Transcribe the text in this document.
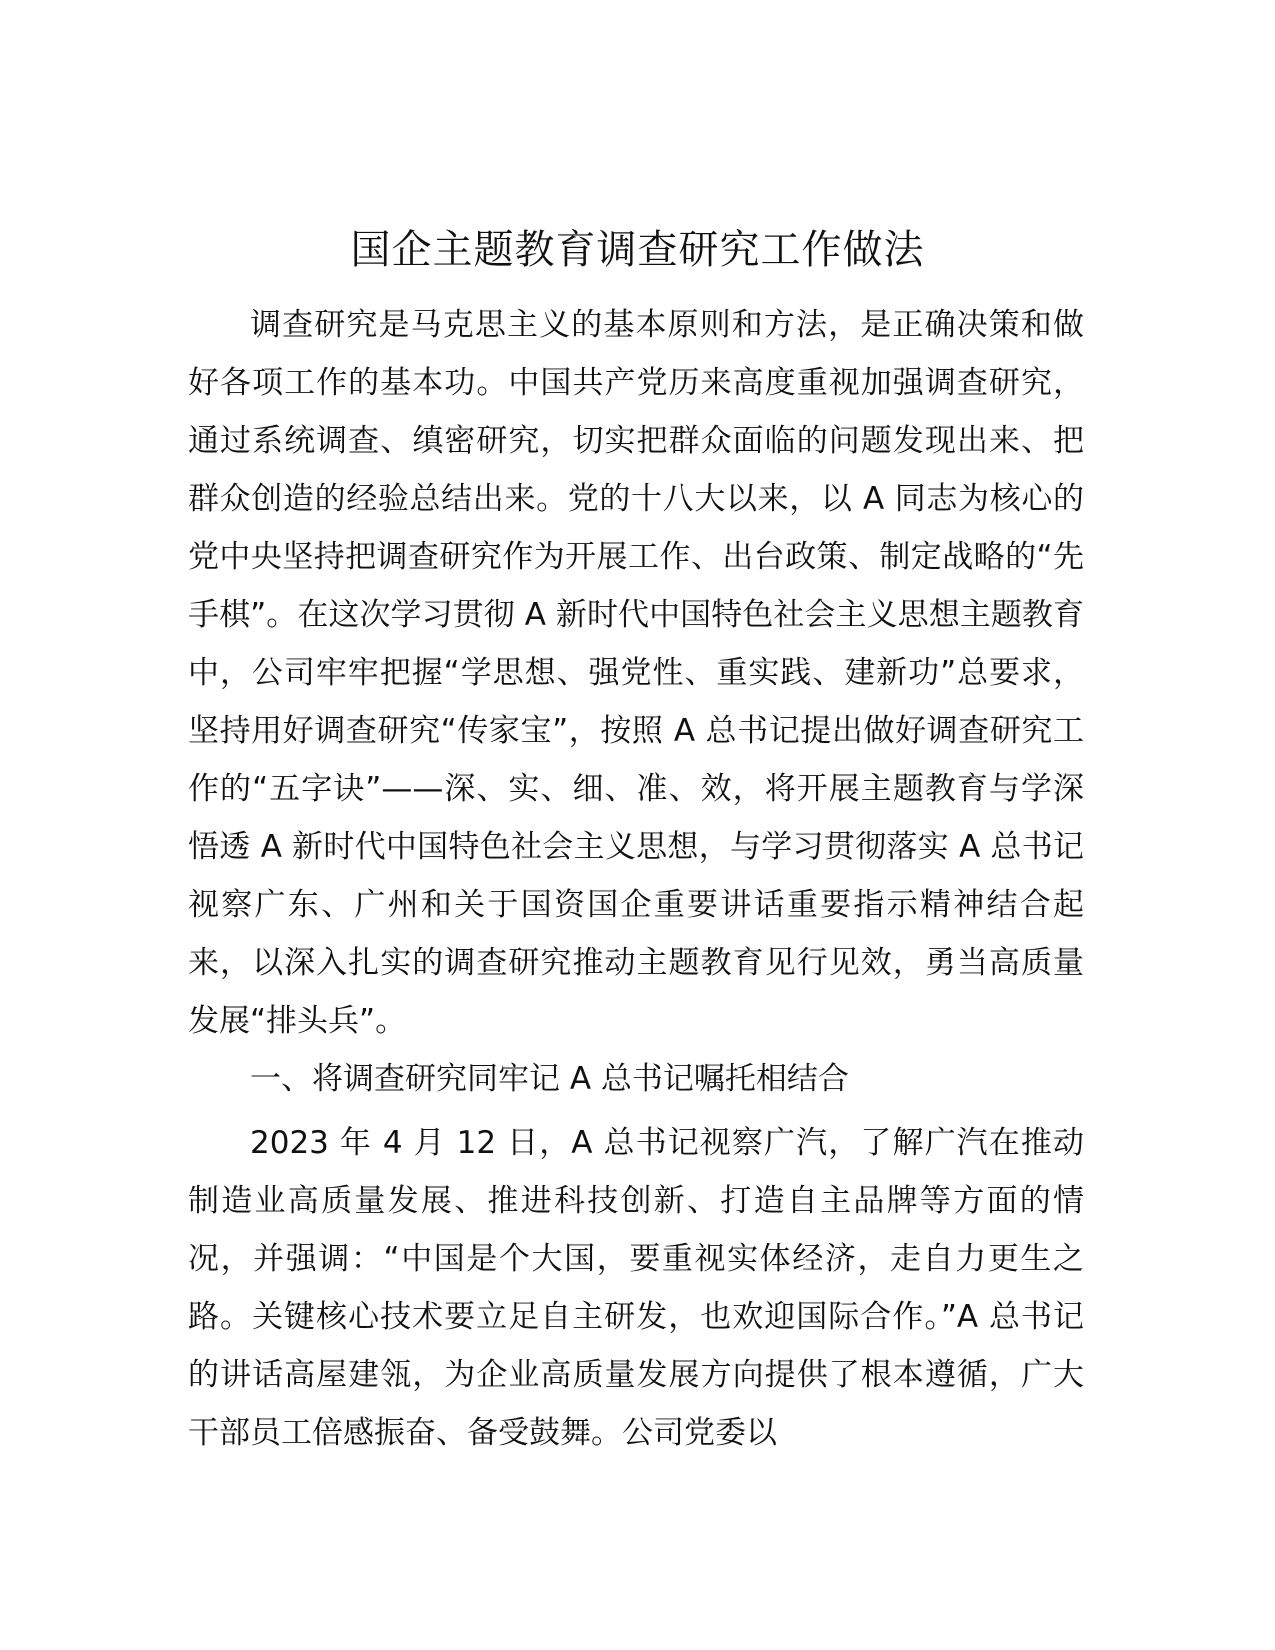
国企主题教育调查研究工作做法

调查研究是马克思主义的基本原则和方法，是正确决策和做好各项工作的基本功。中国共产党历来高度重视加强调查研究，通过系统调查、缜密研究，切实把群众面临的问题发现出来、把群众创造的经验总结出来。党的十八大以来，以 A 同志为核心的党中央坚持把调查研究作为开展工作、出台政策、制定战略的“先手棋”。在这次学习贯彻 A 新时代中国特色社会主义思想主题教育中，公司牢牢把握“学思想、强党性、重实践、建新功”总要求，坚持用好调查研究“传家宝”，按照 A 总书记提出做好调查研究工作的“五字诀”——深、实、细、准、效，将开展主题教育与学深悟透 A 新时代中国特色社会主义思想，与学习贯彻落实 A 总书记视察广东、广州和关于国资国企重要讲话重要指示精神结合起来，以深入扎实的调查研究推动主题教育见行见效，勇当高质量发展“排头兵”。

一、将调查研究同牢记 A 总书记嘱托相结合

2023 年 4 月 12 日，A 总书记视察广汽，了解广汽在推动制造业高质量发展、推进科技创新、打造自主品牌等方面的情况，并强调：“中国是个大国，要重视实体经济，走自力更生之路。关键核心技术要立足自主研发，也欢迎国际合作。”A 总书记的讲话高屋建瓴，为企业高质量发展方向提供了根本遵循，广大干部员工倍感振奋、备受鼓舞。公司党委以
